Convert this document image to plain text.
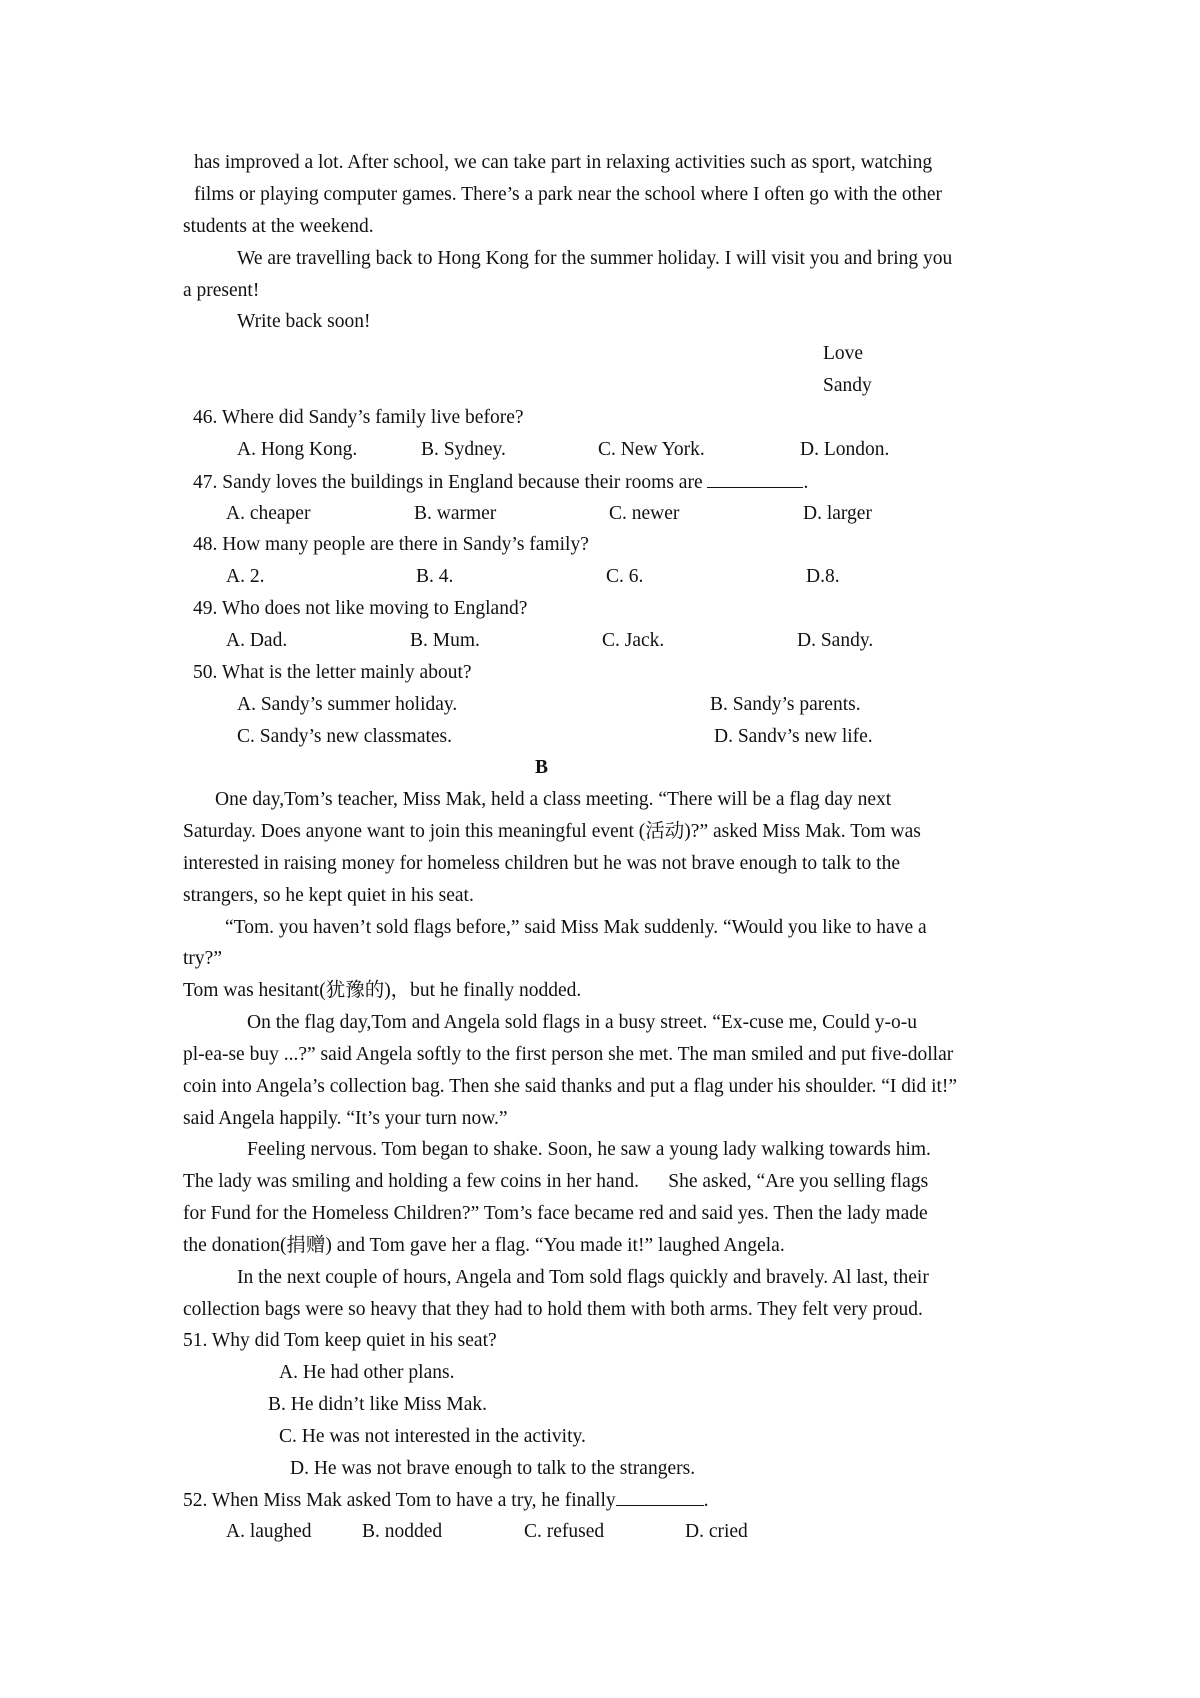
has improved a lot. After school, we can take part in relaxing activities such as sport, watching
films or playing computer games. There’s a park near the school where I often go with the other
students at the weekend.
We are travelling back to Hong Kong for the summer holiday. I will visit you and bring you
a present!
Write back soon!
Love
Sandy
46. Where did Sandy’s family live before?
A. Hong Kong.	B. Sydney.	C. New York.	D. London.
47. Sandy loves the buildings in England because their rooms are	.
A. cheaper	B. warmer	C. newer	D. larger
48. How many people are there in Sandy’s family?
A. 2.	B. 4.	C. 6.	D.8.
49. Who does not like moving to England?
A. Dad.	B. Mum.	C. Jack.	D. Sandy.
50. What is the letter mainly about?
A. Sandy’s summer holiday.	B. Sandy’s parents.
C. Sandy’s new classmates.	D. Sandv’s new life.
B
One day,Tom’s teacher, Miss Mak, held a class meeting. “There will be a flag day next
Saturday. Does anyone want to join this meaningful event (活动)?” asked Miss Mak. Tom was
interested in raising money for homeless children but he was not brave enough to talk to the
strangers, so he kept quiet in his seat.
“Tom. you haven’t sold flags before,” said Miss Mak suddenly. “Would you like to have a
try?”
Tom was hesitant(犹豫的)，but he finally nodded.
On the flag day,Tom and Angela sold flags in a busy street. “Ex-cuse me, Could y-o-u
pl-ea-se buy ...?” said Angela softly to the first person she met. The man smiled and put five-dollar
coin into Angela’s collection bag. Then she said thanks and put a flag under his shoulder. “I did it!”
said Angela happily. “It’s your turn now.”
Feeling nervous. Tom began to shake. Soon, he saw a young lady walking towards him.
The lady was smiling and holding a few coins in her hand.      She asked, “Are you selling flags
for Fund for the Homeless Children?” Tom’s face became red and said yes. Then the lady made
the donation(捐赠) and Tom gave her a flag. “You made it!” laughed Angela.
In the next couple of hours, Angela and Tom sold flags quickly and bravely. Al last, their
collection bags were so heavy that they had to hold them with both arms. They felt very proud.
51. Why did Tom keep quiet in his seat?
A. He had other plans.
B. He didn’t like Miss Mak.
C. He was not interested in the activity.
D. He was not brave enough to talk to the strangers.
52. When Miss Mak asked Tom to have a try, he finally	.
A. laughed	B. nodded	C. refused	D. cried
